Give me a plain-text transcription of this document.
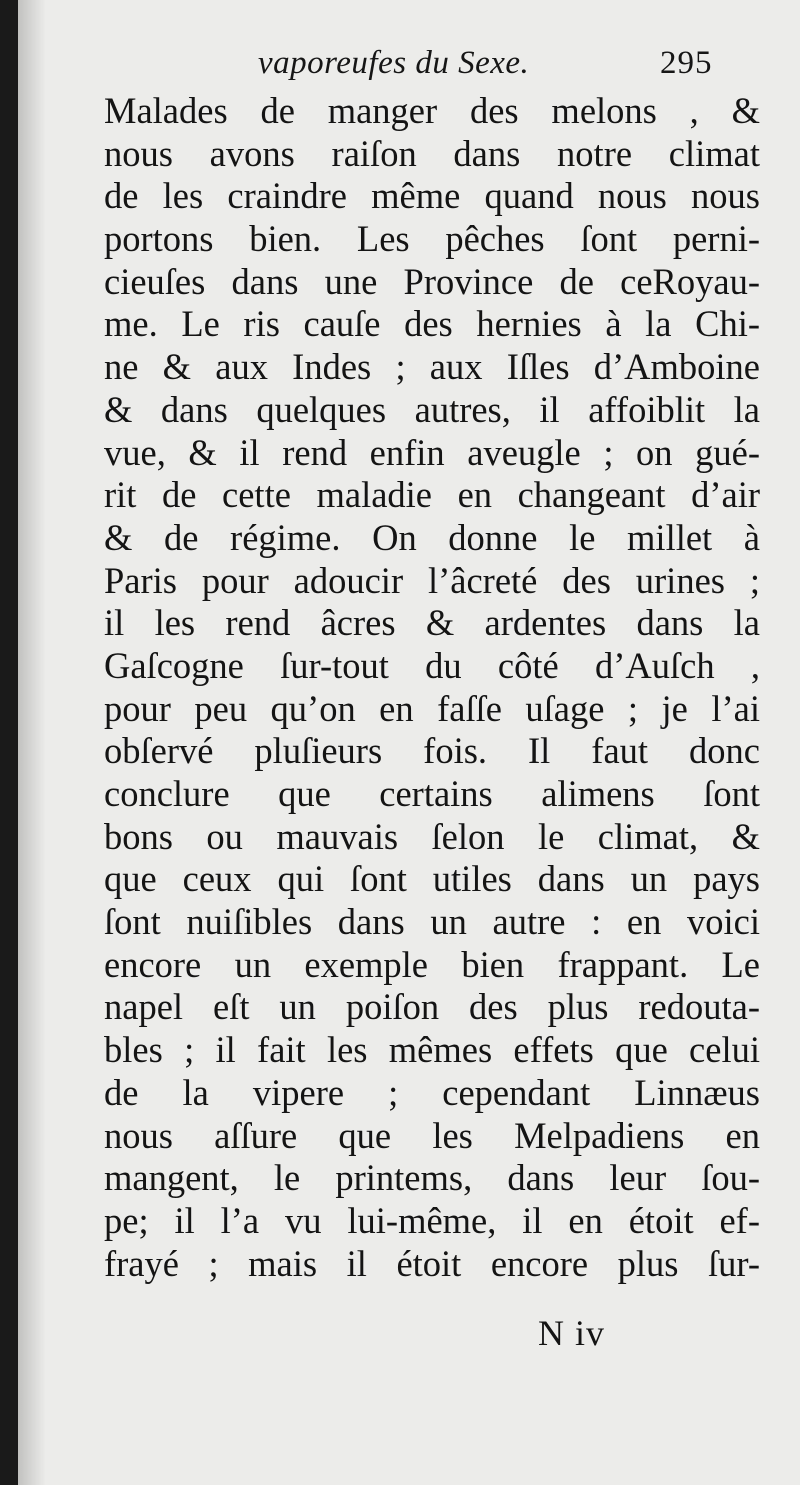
vaporeufes du Sexe.	295
Malades de manger des melons , &
nous avons raiſon dans notre climat
de les craindre même quand nous nous
portons bien. Les pêches ſont perni-
cieuſes dans une Province de ceRoyau-
me. Le ris cauſe des hernies à la Chi-
ne & aux Indes ; aux Iſles d’Amboine
& dans quelques autres, il affoiblit la
vue, & il rend enfin aveugle ; on gué-
rit de cette maladie en changeant d’air
& de régime. On donne le millet à
Paris pour adoucir l’âcreté des urines ;
il les rend âcres & ardentes dans la
Gaſcogne ſur-tout du côté d’Auſch ,
pour peu qu’on en faſſe uſage ; je l’ai
obſervé pluſieurs fois. Il faut donc
conclure que certains alimens ſont
bons ou mauvais ſelon le climat, &
que ceux qui ſont utiles dans un pays
ſont nuiſibles dans un autre : en voici
encore un exemple bien frappant. Le
napel eſt un poiſon des plus redouta-
bles ; il fait les mêmes effets que celui
de la vipere ; cependant Linnæus
nous aſſure que les Melpadiens en
mangent, le printems, dans leur ſou-
pe; il l’a vu lui-même, il en étoit ef-
frayé ; mais il étoit encore plus ſur-
N iv
